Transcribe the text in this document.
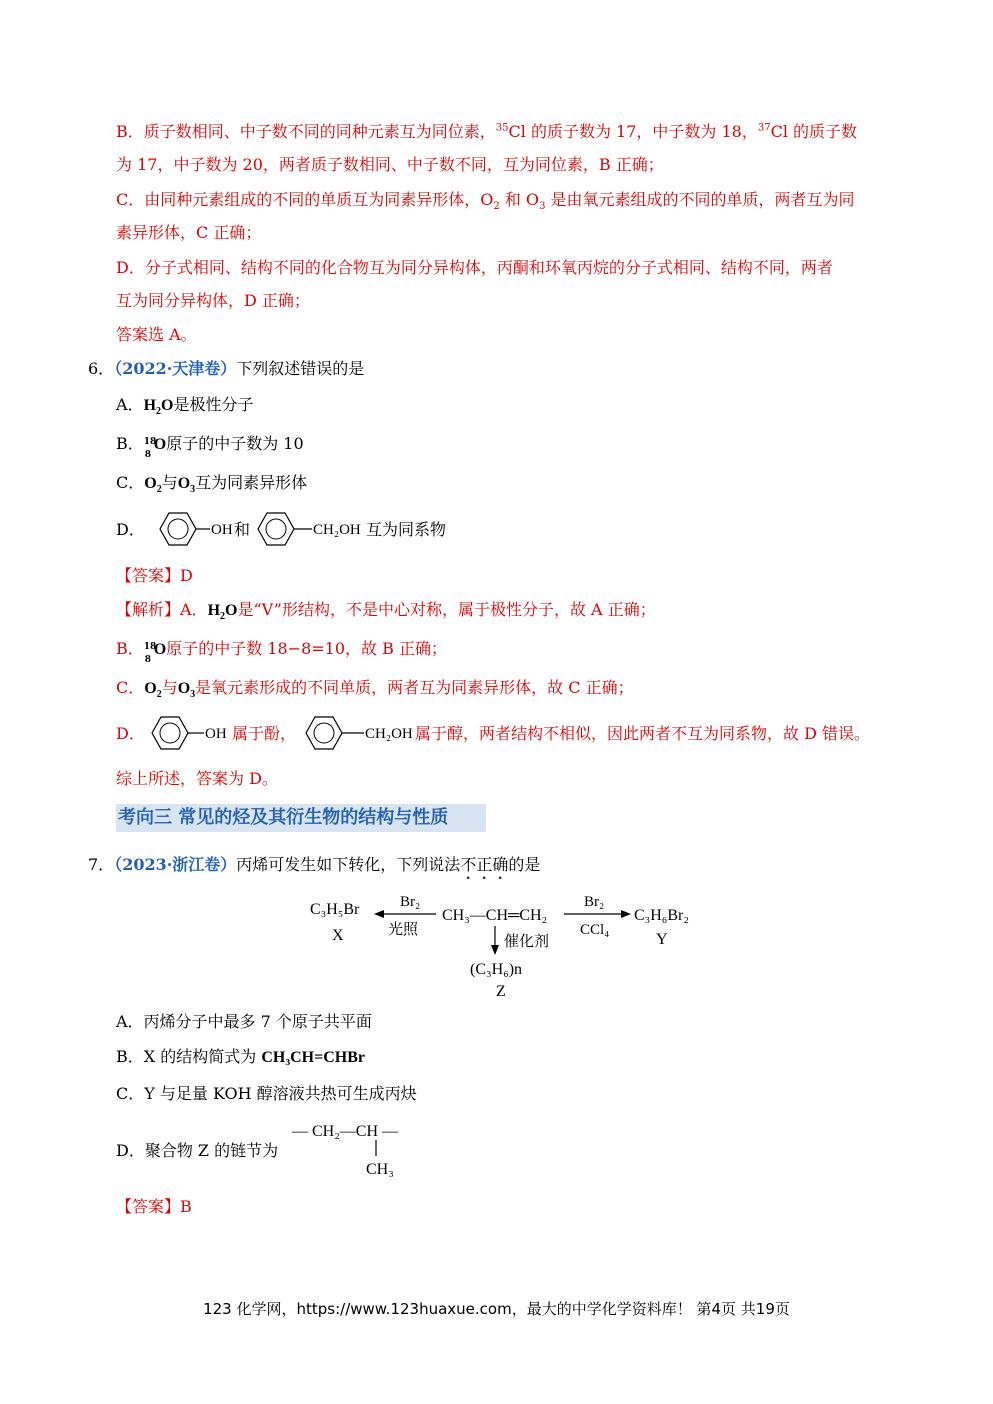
B．质子数相同、中子数不同的同种元素互为同位素，$^{35}$Cl 的质子数为 17，中子数为 18，$^{37}$Cl 的质子数
为 17，中子数为 20，两者质子数相同、中子数不同，互为同位素，B 正确；
C．由同种元素组成的不同的单质互为同素异形体，$O_2$ 和 $O_3$ 是由氧元素组成的不同的单质，两者互为同
素异形体，C 正确；
D．分子式相同、结构不同的化合物互为同分异构体，丙酮和环氧丙烷的分子式相同、结构不同，两者
互为同分异构体，D 正确；
答案选 A。
6．（2022·天津卷）下列叙述错误的是
A．$H_2O$是极性分子
B． 18
8
O原子的中子数为 10
C．$O_2$与$O_3$互为同素异形体
D．	OH 和	CH₂OH 互为同系物
【答案】D
【解析】A．$H_2O$是“V”形结构，不是中心对称，属于极性分子，故 A 正确；
B． 18
8
O原子的中子数 18−8=10，故 B 正确；
C．$O_2$与$O_3$是氧元素形成的不同单质，两者互为同素异形体，故 C 正确；
D．	OH 属于酚，	CH₂OH 属于醇，两者结构不相似，因此两者不互为同系物，故 D 错误。
综上所述，答案为 D。
考向三 常见的烃及其衍生物的结构与性质
7．（2023·浙江卷）丙烯可发生如下转化，下列说法不正确的是
C₃H₅Br
X
Br₂
光照
CH₃—CH═CH₂
Br₂
CCl₄
C₃H₆Br₂
Y
催化剂
(C₃H₆)n
Z
A．丙烯分子中最多 7 个原子共平面
B．X 的结构简式为 CH₃CH=CHBr
C．Y 与足量 KOH 醇溶液共热可生成丙炔
D．聚合物 Z 的链节为
— CH₂—CH —
CH₃
【答案】B
123 化学网，https://www.123huaxue.com，最大的中学化学资料库！ 第4页 共19页
